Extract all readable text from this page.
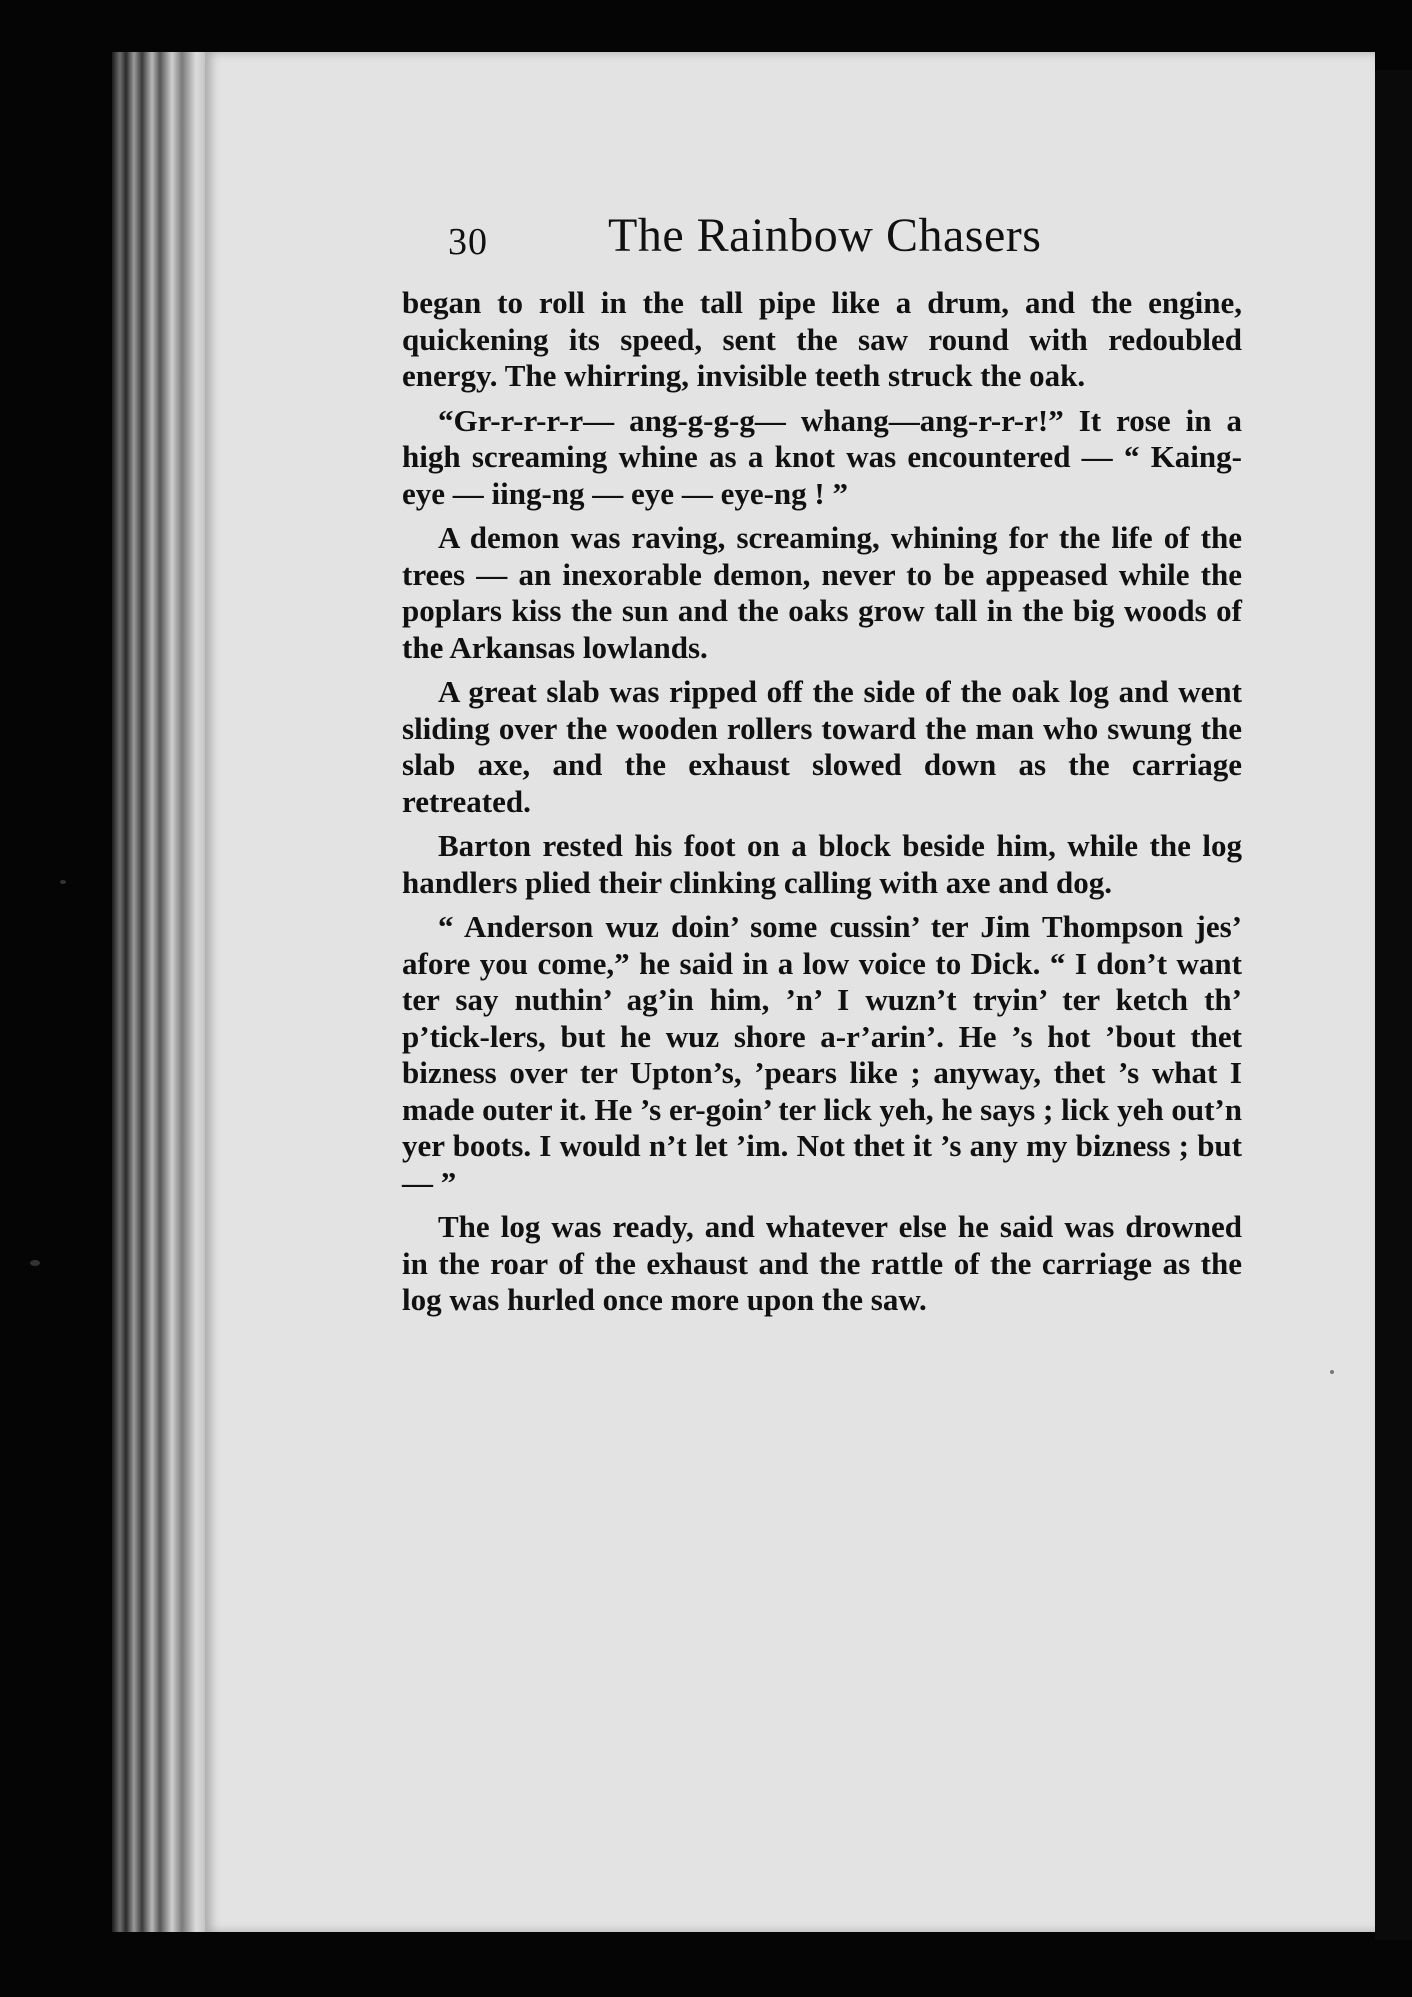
30	The Rainbow Chasers

began to roll in the tall pipe like a drum, and the engine, quickening its speed, sent the saw round with redoubled energy. The whirring, invisible teeth struck the oak.

“Gr-r-r-r-r— ang-g-g-g— whang—ang-r-r-r!” It rose in a high screaming whine as a knot was encountered — “ Kaing-eye — iing-ng — eye — eye-ng ! ”

A demon was raving, screaming, whining for the life of the trees — an inexorable demon, never to be appeased while the poplars kiss the sun and the oaks grow tall in the big woods of the Arkansas lowlands.

A great slab was ripped off the side of the oak log and went sliding over the wooden rollers toward the man who swung the slab axe, and the exhaust slowed down as the carriage retreated.

Barton rested his foot on a block beside him, while the log handlers plied their clinking calling with axe and dog.

“ Anderson wuz doin’ some cussin’ ter Jim Thompson jes’ afore you come,” he said in a low voice to Dick. “ I don’t want ter say nuthin’ ag’in him, ’n’ I wuzn’t tryin’ ter ketch th’ p’tick-lers, but he wuz shore a-r’arin’. He ’s hot ’bout thet bizness over ter Upton’s, ’pears like ; anyway, thet ’s what I made outer it. He ’s er-goin’ ter lick yeh, he says ; lick yeh out’n yer boots. I would n’t let ’im. Not thet it ’s any my bizness ; but — ”

The log was ready, and whatever else he said was drowned in the roar of the exhaust and the rattle of the carriage as the log was hurled once more upon the saw.
